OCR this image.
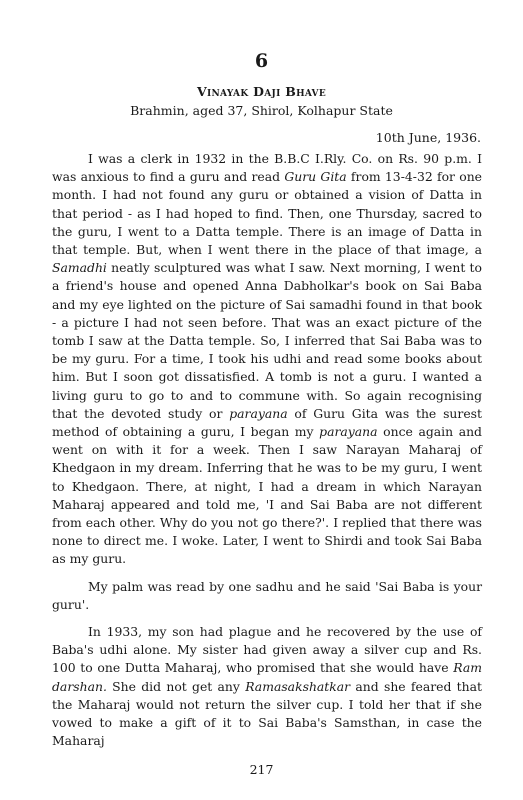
6
Vinayak Daji Bhave
Brahmin, aged 37, Shirol, Kolhapur State
10th June, 1936.

I was a clerk in 1932 in the B.B.C I.Rly. Co. on Rs. 90 p.m. I was anxious to find a guru and read Guru Gita from 13-4-32 for one month. I had not found any guru or obtained a vision of Datta in that period - as I had hoped to find. Then, one Thursday, sacred to the guru, I went to a Datta temple. There is an image of Datta in that temple. But, when I went there in the place of that image, a Samadhi neatly sculptured was what I saw. Next morning, I went to a friend's house and opened Anna Dabholkar's book on Sai Baba and my eye lighted on the picture of Sai samadhi found in that book - a picture I had not seen before. That was an exact picture of the tomb I saw at the Datta temple. So, I inferred that Sai Baba was to be my guru. For a time, I took his udhi and read some books about him. But I soon got dissatisfied. A tomb is not a guru. I wanted a living guru to go to and to commune with. So again recognising that the devoted study or parayana of Guru Gita was the surest method of obtaining a guru, I began my parayana once again and went on with it for a week. Then I saw Narayan Maharaj of Khedgaon in my dream. Inferring that he was to be my guru, I went to Khedgaon. There, at night, I had a dream in which Narayan Maharaj appeared and told me, 'I and Sai Baba are not different from each other. Why do you not go there?'. I replied that there was none to direct me. I woke. Later, I went to Shirdi and took Sai Baba as my guru.

My palm was read by one sadhu and he said 'Sai Baba is your guru'.

In 1933, my son had plague and he recovered by the use of Baba's udhi alone. My sister had given away a silver cup and Rs. 100 to one Dutta Maharaj, who promised that she would have Ram darshan. She did not get any Ramasakshatkar and she feared that the Maharaj would not return the silver cup. I told her that if she vowed to make a gift of it to Sai Baba's Samsthan, in case the Maharaj

217
